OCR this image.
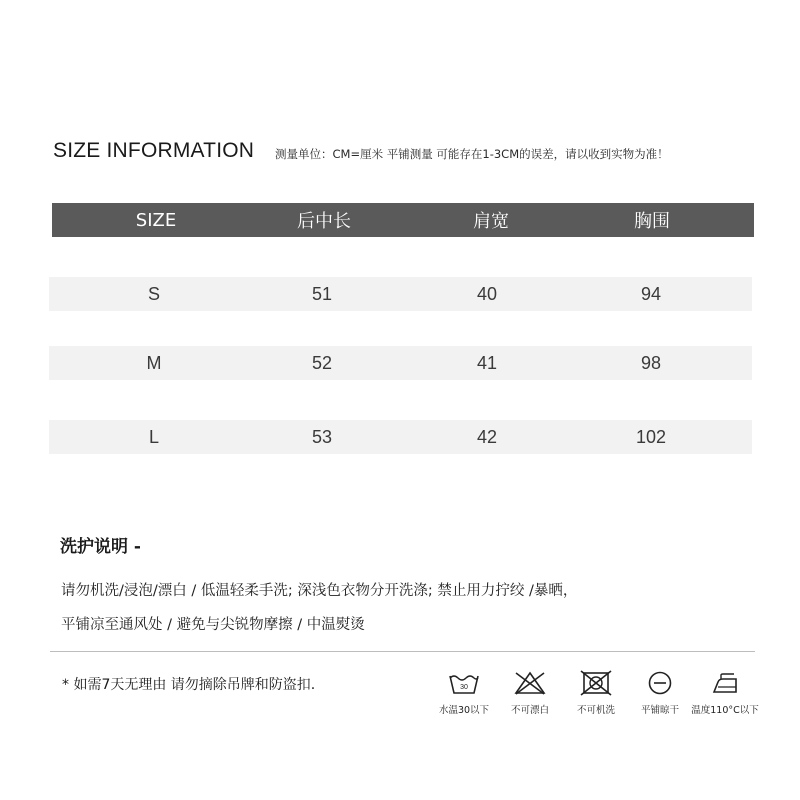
SIZE INFORMATION 测量单位：CM=厘米 平铺测量 可能存在1-3CM的误差，请以收到实物为准！
SIZE	后中长	肩宽	胸围
S	51	40	94
M	52	41	98
L	53	42	102
洗护说明 -
请勿机洗/浸泡/漂白 / 低温轻柔手洗; 深浅色衣物分开洗涤; 禁止用力拧绞 /暴晒，
平铺凉至通风处 / 避免与尖锐物摩擦 / 中温熨烫
* 如需7天无理由 请勿摘除吊牌和防盗扣.	30
水温30以下	不可漂白	不可机洗	平铺晾干	温度110°C以下
